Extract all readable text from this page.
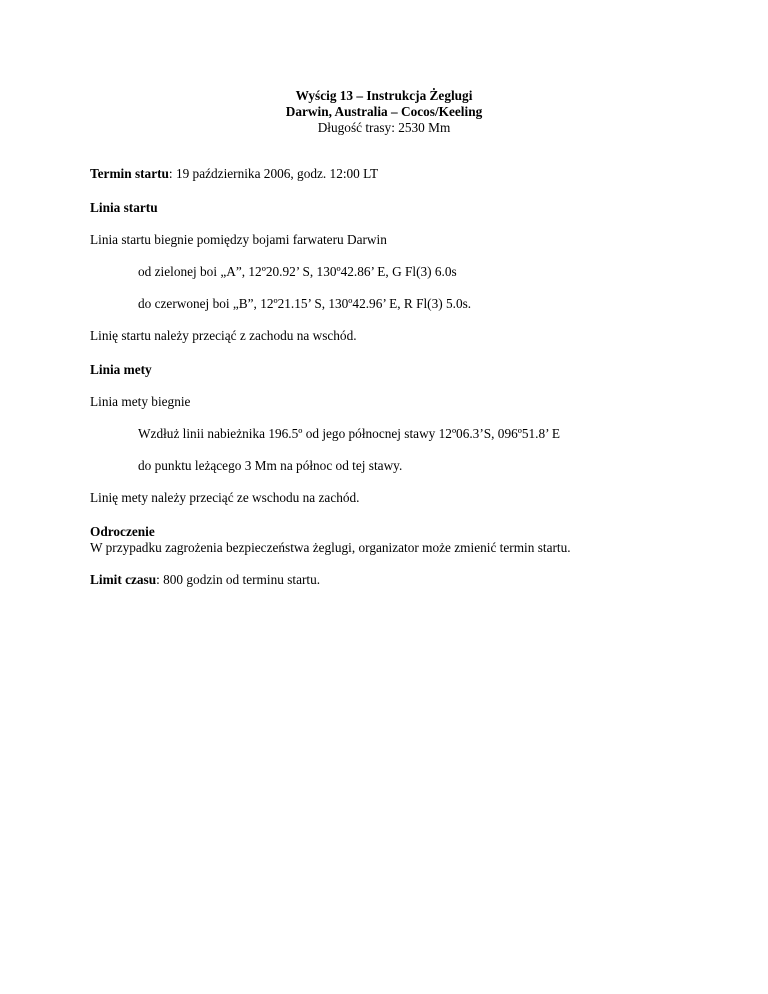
Wyścig 13 – Instrukcja Żeglugi
Darwin, Australia – Cocos/Keeling
Długość trasy: 2530 Mm
Termin startu: 19 października 2006, godz. 12:00 LT
Linia startu
Linia startu biegnie pomiędzy bojami farwateru Darwin
od zielonej boi „A”, 12º20.92’ S, 130º42.86’ E, G Fl(3) 6.0s
do czerwonej boi „B”, 12º21.15’ S, 130º42.96’ E, R Fl(3) 5.0s.
Linię startu należy przeciąć z zachodu na wschód.
Linia mety
Linia mety biegnie
Wzdłuż linii nabieżnika 196.5º od jego północnej stawy 12º06.3’S, 096º51.8’ E
do punktu leżącego 3 Mm na północ od tej stawy.
Linię mety należy przeciąć ze wschodu na zachód.
Odroczenie
W przypadku zagrożenia bezpieczeństwa żeglugi, organizator może zmienić termin startu.
Limit czasu: 800 godzin od terminu startu.
